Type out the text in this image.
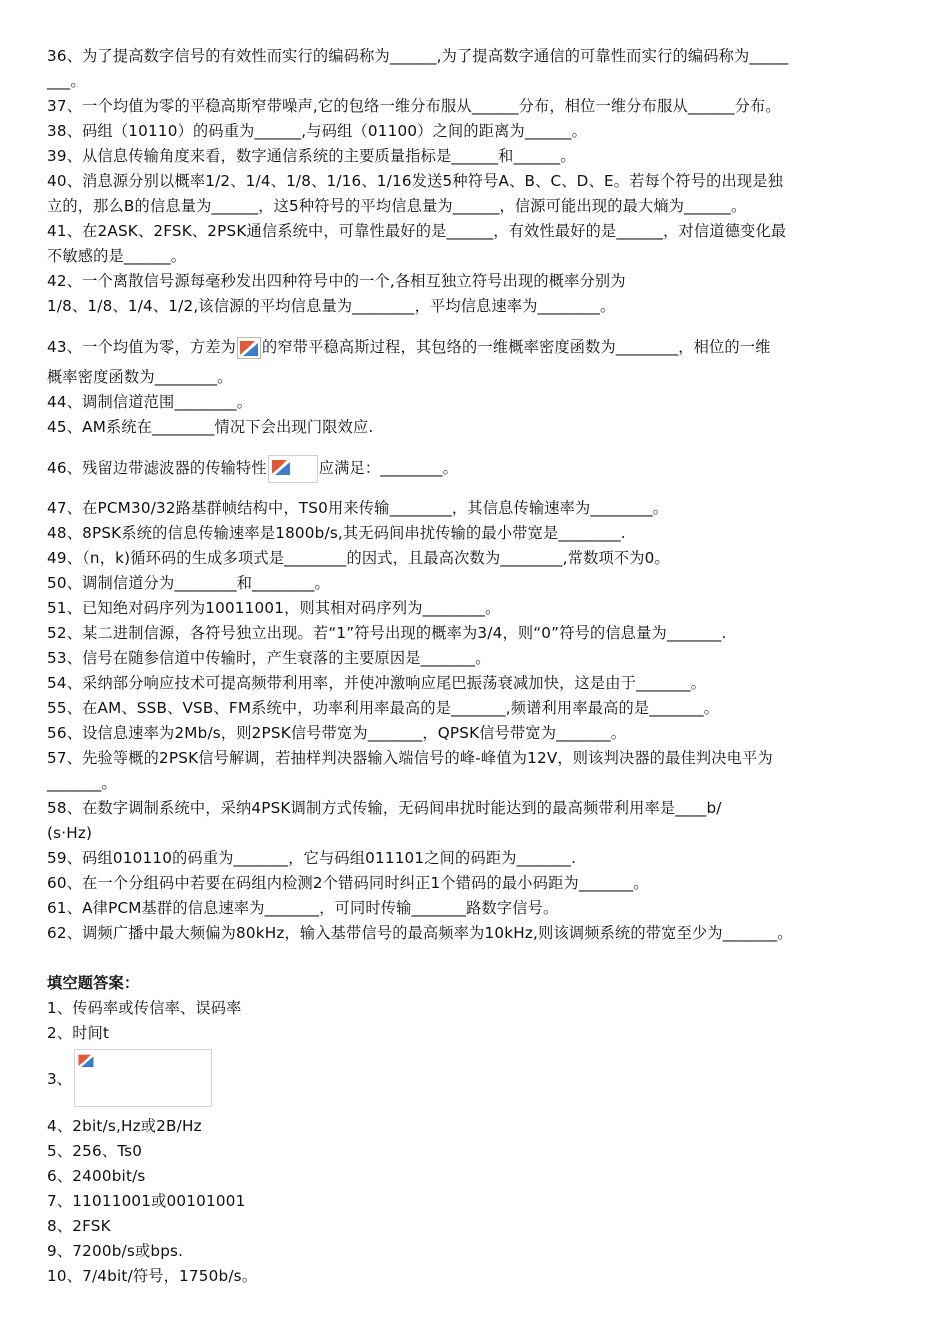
36、为了提高数字信号的有效性而实行的编码称为______,为了提高数字通信的可靠性而实行的编码称为_____
___。
37、一个均值为零的平稳高斯窄带噪声,它的包络一维分布服从______分布，相位一维分布服从______分布。
38、码组（10110）的码重为______,与码组（01100）之间的距离为______。
39、从信息传输角度来看，数字通信系统的主要质量指标是______和______。
40、消息源分别以概率1/2、1/4、1/8、1/16、1/16发送5种符号A、B、C、D、E。若每个符号的出现是独
立的，那么B的信息量为______，这5种符号的平均信息量为______，信源可能出现的最大熵为______。
41、在2ASK、2FSK、2PSK通信系统中，可靠性最好的是______，有效性最好的是______，对信道德变化最
不敏感的是______。
42、一个离散信号源每毫秒发出四种符号中的一个,各相互独立符号出现的概率分别为
1/8、1/8、1/4、1/2,该信源的平均信息量为________，平均信息速率为________。
43、一个均值为零，方差为 的窄带平稳高斯过程，其包络的一维概率密度函数为________，相位的一维
概率密度函数为________。
44、调制信道范围________。
45、AM系统在________情况下会出现门限效应.
46、残留边带滤波器的传输特性	应满足：________。
47、在PCM30/32路基群帧结构中，TS0用来传输________，其信息传输速率为________。
48、8PSK系统的信息传输速率是1800b/s,其无码间串扰传输的最小带宽是________.
49、（n，k)循环码的生成多项式是________的因式，且最高次数为________,常数项不为0。
50、调制信道分为________和________。
51、已知绝对码序列为10011001，则其相对码序列为________。
52、某二进制信源，各符号独立出现。若“1”符号出现的概率为3/4，则“0”符号的信息量为_______.
53、信号在随参信道中传输时，产生衰落的主要原因是_______。
54、采纳部分响应技术可提高频带利用率，并使冲激响应尾巴振荡衰减加快，这是由于_______。
55、在AM、SSB、VSB、FM系统中，功率利用率最高的是_______,频谱利用率最高的是_______。
56、设信息速率为2Mb/s，则2PSK信号带宽为_______，QPSK信号带宽为_______。
57、先验等概的2PSK信号解调，若抽样判决器输入端信号的峰-峰值为12V，则该判决器的最佳判决电平为
_______。
58、在数字调制系统中，采纳4PSK调制方式传输，无码间串扰时能达到的最高频带利用率是____b/
(s·Hz)
59、码组010110的码重为_______，它与码组011101之间的码距为_______.
60、在一个分组码中若要在码组内检测2个错码同时纠正1个错码的最小码距为_______。
61、A律PCM基群的信息速率为_______，可同时传输_______路数字信号。
62、调频广播中最大频偏为80kHz，输入基带信号的最高频率为10kHz,则该调频系统的带宽至少为_______。
填空题答案：
1、传码率或传信率、误码率
2、时间t
3、
4、2bit/s,Hz或2B/Hz
5、256、Ts0
6、2400bit/s
7、11011001或00101001
8、2FSK
9、7200b/s或bps.
10、7/4bit/符号，1750b/s。
